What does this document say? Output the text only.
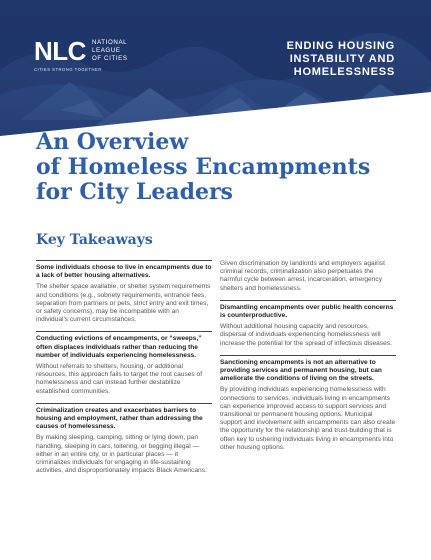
NLC NATIONAL
LEAGUE
OF CITIES
CITIES STRONG TOGETHER
ENDING HOUSING
INSTABILITY AND
HOMELESSNESS
An Overview
of Homeless Encampments
for City Leaders
Key Takeaways
Some individuals choose to live in encampments due to a lack of better housing alternatives.
The shelter space available, or shelter system requirements and conditions (e.g., sobriety requirements, entrance fees, separation from partners or pets, strict entry and exit times, or safety concerns), may be incompatible with an individual's current circumstances.
Conducting evictions of encampments, or “sweeps,” often displaces individuals rather than reducing the number of individuals experiencing homelessness.
Without referrals to shelters, housing, or additional resources, this approach fails to target the root causes of homelessness and can instead further destabilize established communities.
Criminalization creates and exacerbates barriers to housing and employment, rather than addressing the causes of homelessness.
By making sleeping, camping, sitting or lying down, pan handling, sleeping in cars, loitering, or begging illegal — either in an entire city, or in particular places — it criminalizes individuals for engaging in life-sustaining activities, and disproportionately impacts Black Americans.
Given discrimination by landlords and employers against criminal records, criminalization also perpetuates the harmful cycle between arrest, incarceration, emergency shelters and homelessness.
Dismantling encampments over public health concerns is counterproductive.
Without additional housing capacity and resources, dispersal of individuals experiencing homelessness will increase the potential for the spread of infectious diseases.
Sanctioning encampments is not an alternative to providing services and permanent housing, but can ameliorate the conditions of living on the streets.
By providing individuals experiencing homelessness with connections to services, individuals living in encampments can experience improved access to support services and transitional or permanent housing options. Municipal support and involvement with encampments can also create the opportunity for the relationship and trust-building that is often key to ushering individuals living in encampments into other housing options.
